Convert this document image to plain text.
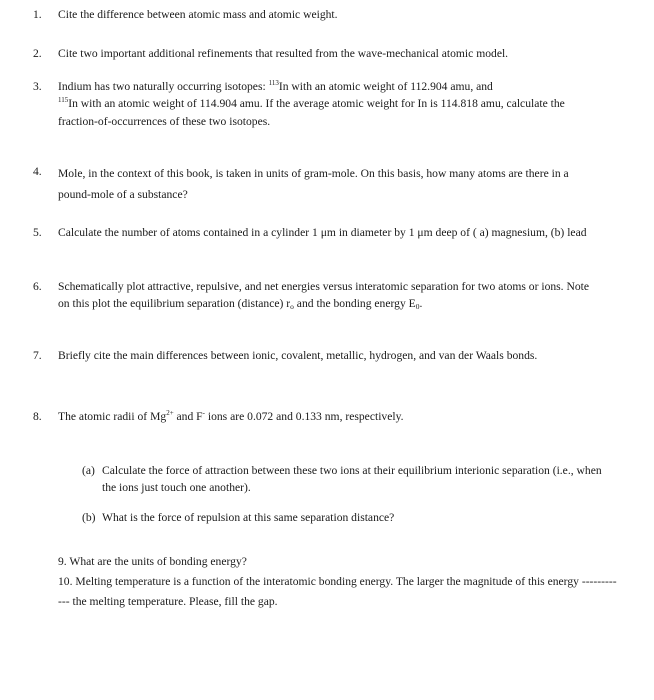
1. Cite the difference between atomic mass and atomic weight.

2. Cite two important additional refinements that resulted from the wave-mechanical atomic model.

3. Indium has two naturally occurring isotopes: $^{113}$In with an atomic weight of 112.904 amu, and
$^{115}$In with an atomic weight of 114.904 amu. If the average atomic weight for In is 114.818 amu, calculate the fraction-of-occurrences of these two isotopes.

4. Mole, in the context of this book, is taken in units of gram-mole. On this basis, how many atoms are there in a pound-mole of a substance?

5. Calculate the number of atoms contained in a cylinder 1 μm in diameter by 1 μm deep of ( a) magnesium, (b) lead

6. Schematically plot attractive, repulsive, and net energies versus interatomic separation for two atoms or ions. Note on this plot the equilibrium separation (distance) $r_o$ and the bonding energy $E_0$.

7. Briefly cite the main differences between ionic, covalent, metallic, hydrogen, and van der Waals bonds.

8. The atomic radii of $Mg^{2+}$ and F- ions are 0.072 and 0.133 nm, respectively.

(a) Calculate the force of attraction between these two ions at their equilibrium interionic separation (i.e., when the ions just touch one another).

(b) What is the force of repulsion at this same separation distance?

9. What are the units of bonding energy?

10. Melting temperature is a function of the interatomic bonding energy. The larger the magnitude of this energy ------------ the melting temperature. Please, fill the gap.
